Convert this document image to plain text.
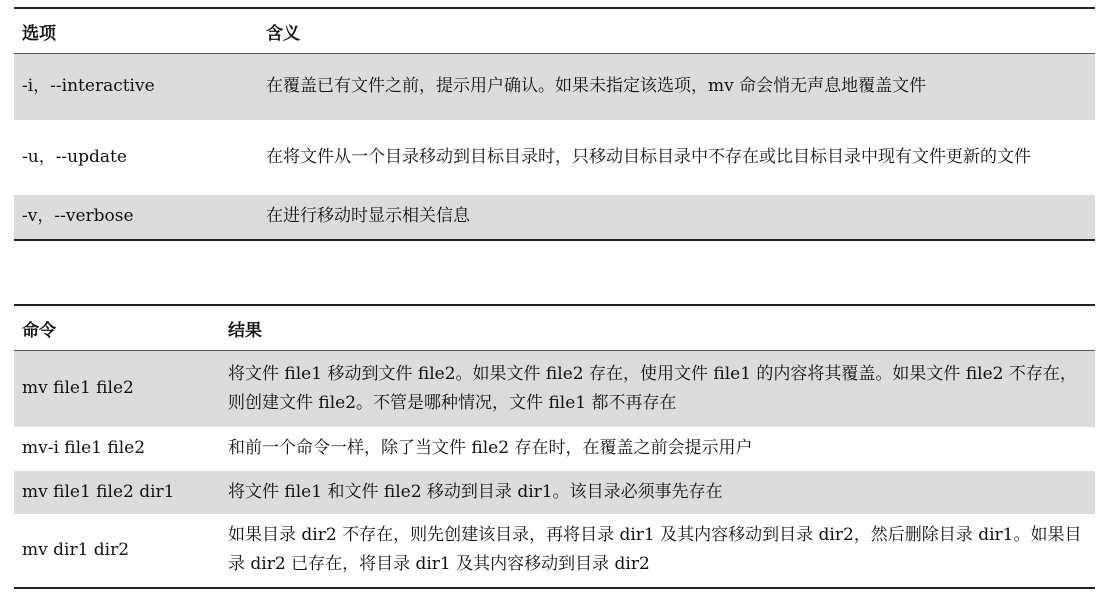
选项	含义
-i，--interactive	在覆盖已有文件之前，提示用户确认。如果未指定该选项，mv 命会悄无声息地覆盖文件
-u，--update	在将文件从一个目录移动到目标目录时，只移动目标目录中不存在或比目标目录中现有文件更新的文件
-v，--verbose	在进行移动时显示相关信息
命令	结果
mv file1 file2	将文件 file1 移动到文件 file2。如果文件 file2 存在，使用文件 file1 的内容将其覆盖。如果文件 file2 不存在，则创建文件 file2。不管是哪种情况，文件 file1 都不再存在
mv-i file1 file2	和前一个命令一样，除了当文件 file2 存在时，在覆盖之前会提示用户
mv file1 file2 dir1	将文件 file1 和文件 file2 移动到目录 dir1。该目录必须事先存在
mv dir1 dir2	如果目录 dir2 不存在，则先创建该目录，再将目录 dir1 及其内容移动到目录 dir2，然后删除目录 dir1。如果目录 dir2 已存在，将目录 dir1 及其内容移动到目录 dir2
